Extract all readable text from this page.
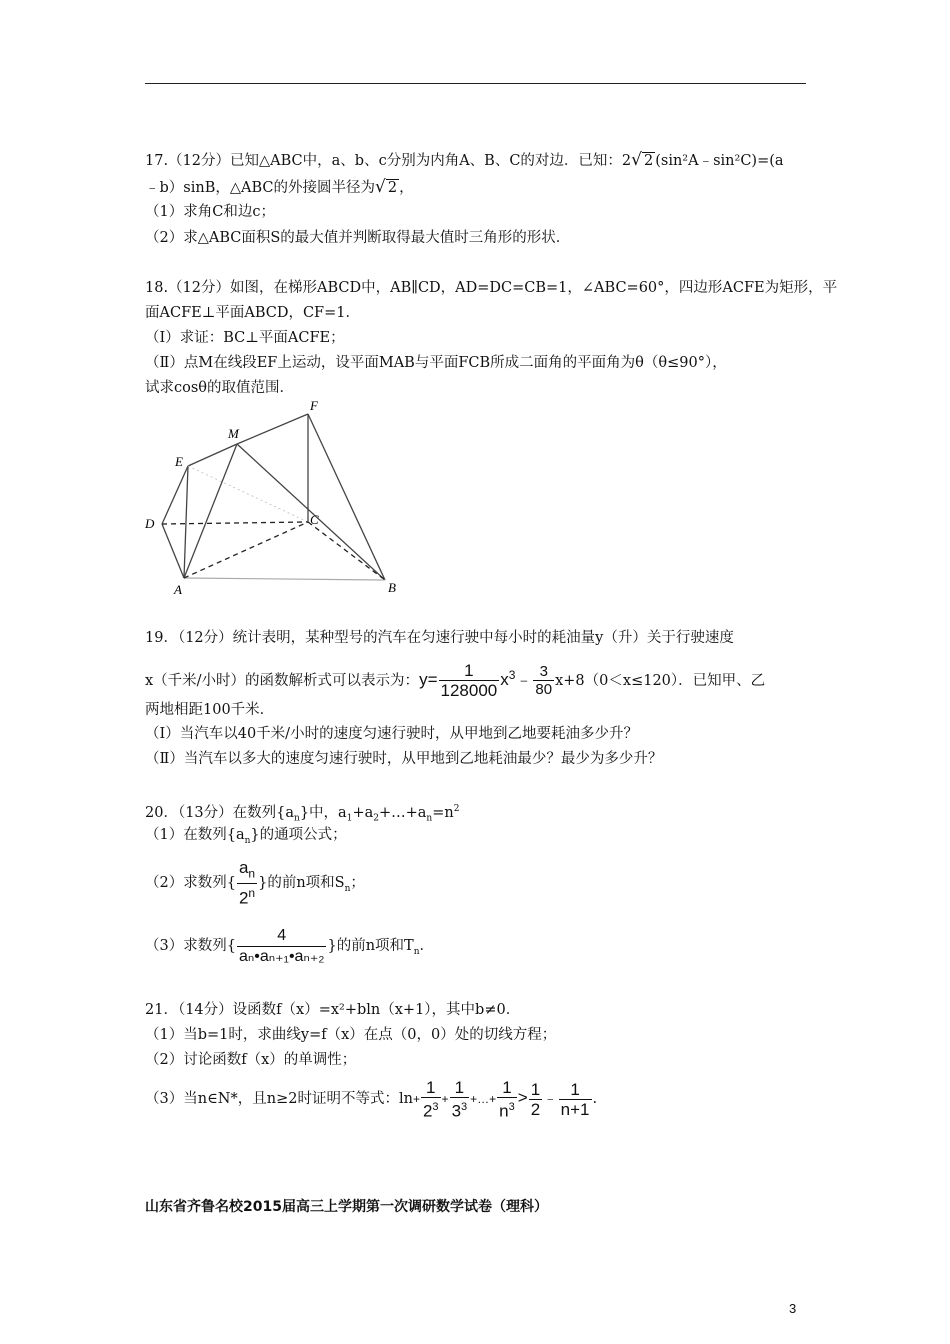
17.（12分）已知△ABC中，a、b、c分别为内角A、B、C的对边．已知：2√ 2 (sin²A﹣sin²C)=(a
﹣b）sinB，△ABC的外接圆半径为√ 2 ，
（1）求角C和边c；
（2）求△ABC面积S的最大值并判断取得最大值时三角形的形状．
18.（12分）如图，在梯形ABCD中，AB∥CD，AD=DC=CB=1，∠ABC=60°，四边形ACFE为矩形，平
面ACFE⊥平面ABCD，CF=1．
（Ⅰ）求证：BC⊥平面ACFE；
（Ⅱ）点M在线段EF上运动，设平面MAB与平面FCB所成二面角的平面角为θ（θ≤90°），
试求cosθ的取值范围．
F
M
E
D	C
A	B
19．（12分）统计表明，某种型号的汽车在匀速行驶中每小时的耗油量y（升）关于行驶速度
x（千米/小时）的函数解析式可以表示为：$y= \frac{1}{128000}$ $x^3﹣ \frac{3}{80} x+8(0<x\le 120)$．已知甲、乙
两地相距100千米．
（Ⅰ）当汽车以40千米/小时的速度匀速行驶时，从甲地到乙地要耗油多少升？
（Ⅱ）当汽车以多大的速度匀速行驶时，从甲地到乙地耗油最少？最少为多少升？
20．（13分）在数列$\{a_n\}$中，$a_1+a_2+\dots+a_n=n^2$
（1）在数列$\{a_n\}$的通项公式；
（2）求数列{ $\frac{a_n}{2^n}$ }的前n项和$S_n$；
（3）求数列{ $\frac{4}{\text{aₙ•aₙ₊₁•aₙ₊₂}}$ }的前n项和$T_n$．
21．（14分）设函数f（x）=x²+bln（x+1），其中b≠0．
（1）当b=1时，求曲线y=f（x）在点（0，0）处的切线方程；
（2）讨论函数f（x）的单调性；
（3）当n∈N*，且n≥2时证明不等式：$\ln+ \frac{1}{2^3} + \frac{1}{3^3}$ +…+ $\frac{1}{n^3} > \frac{1}{2}$ ﹣ $\frac{1}{n+1}$ .
山东省齐鲁名校2015届高三上学期第一次调研数学试卷（理科）
3
